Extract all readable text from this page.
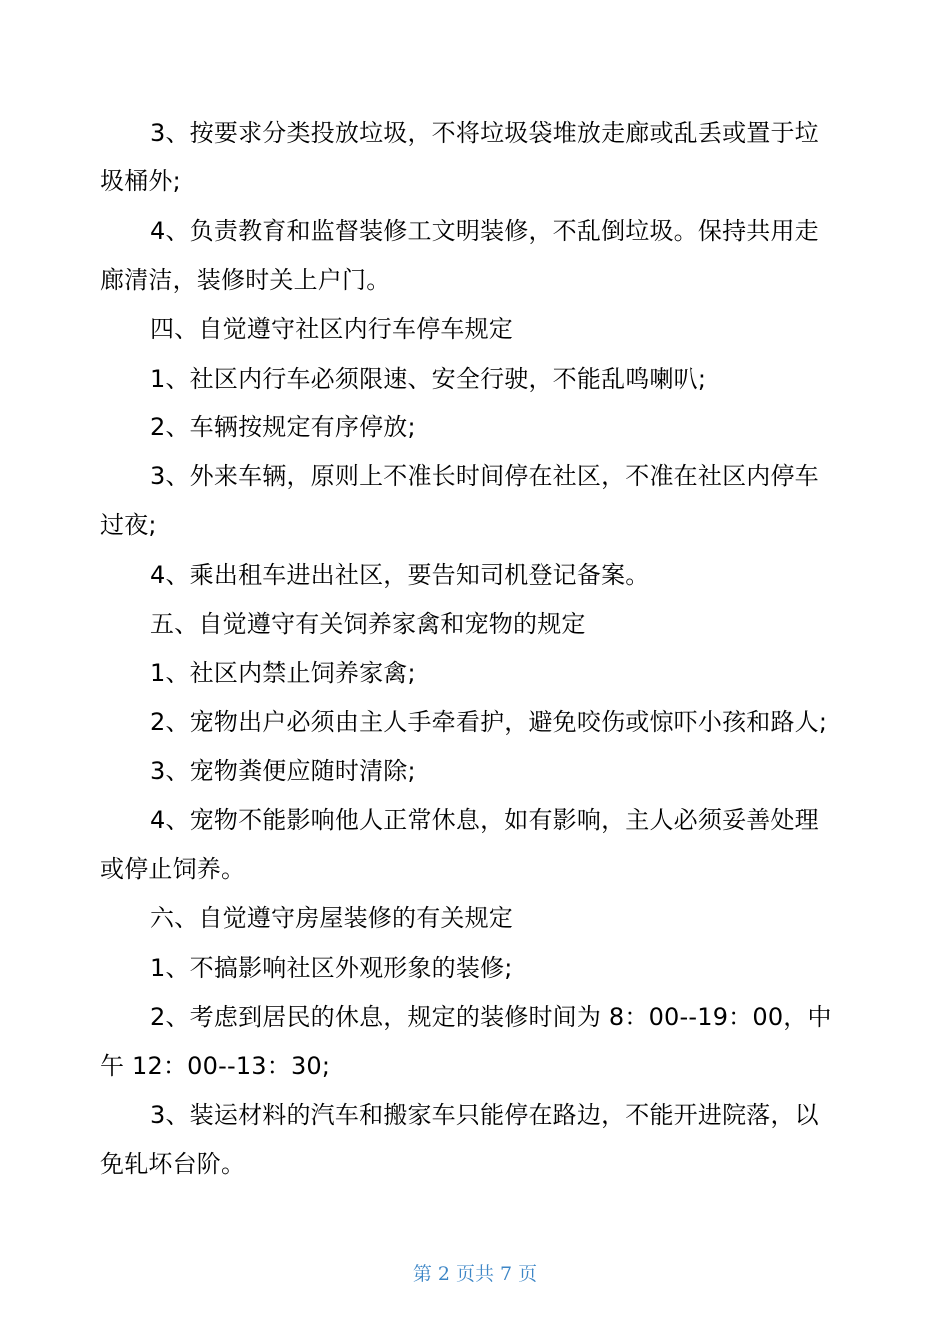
3、按要求分类投放垃圾，不将垃圾袋堆放走廊或乱丢或置于垃
圾桶外;
4、负责教育和监督装修工文明装修，不乱倒垃圾。保持共用走
廊清洁，装修时关上户门。
四、自觉遵守社区内行车停车规定
1、社区内行车必须限速、安全行驶，不能乱鸣喇叭;
2、车辆按规定有序停放;
3、外来车辆，原则上不准长时间停在社区，不准在社区内停车
过夜;
4、乘出租车进出社区，要告知司机登记备案。
五、自觉遵守有关饲养家禽和宠物的规定
1、社区内禁止饲养家禽;
2、宠物出户必须由主人手牵看护，避免咬伤或惊吓小孩和路人;
3、宠物粪便应随时清除;
4、宠物不能影响他人正常休息，如有影响，主人必须妥善处理
或停止饲养。
六、自觉遵守房屋装修的有关规定
1、不搞影响社区外观形象的装修;
2、考虑到居民的休息，规定的装修时间为 8：00--19：00，中
午 12：00--13：30;
3、装运材料的汽车和搬家车只能停在路边，不能开进院落，以
免轧坏台阶。
第 2 页共 7 页
